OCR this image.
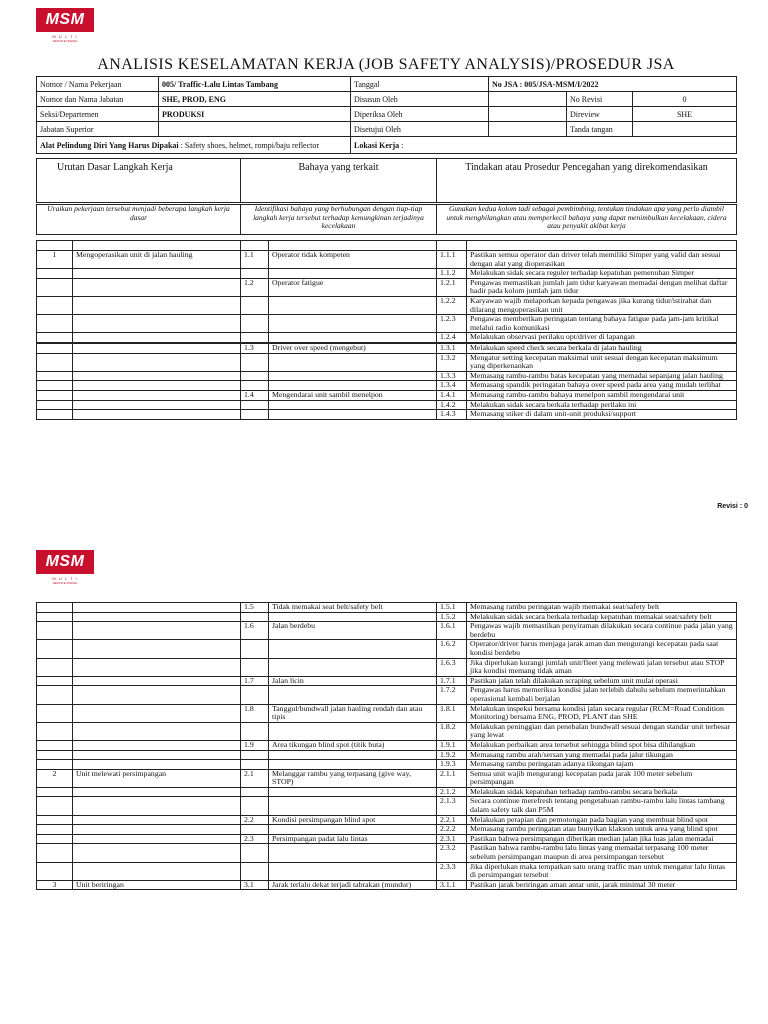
MSM
M U L T I
SERVICE MINING
ANALISIS KESELAMATAN KERJA (JOB SAFETY ANALYSIS)/PROSEDUR JSA
Nomor / Nama Pekerjaan	005/ Traffic-Lalu Lintas Tambang	Tanggal	No JSA : 005/JSA-MSM/I/2022		
Nomor dan Nama Jabatan	SHE, PROD, ENG	Disusun Oleh		No Revisi	0
Seksi/Departemen	PRODUKSI	Diperiksa Oleh		Direview	SHE
Jabatan Superior		Disetujui Oleh		Tanda tangan	
Alat Pelindung Diri Yang Harus Dipakai : Safety shoes, helmet, rompi/baju reflector		Lokasi Kerja :			
Urutan Dasar Langkah Kerja	Bahaya yang terkait	Tindakan atau Prosedur Pencegahan yang direkomendasikan
Uraikan pekerjaan tersebut menjadi beberapa langkah kerja dasar	Identifikasi bahaya yang berhubungan dengan tiap-tiap langkah kerja tersebut terhadap kemungkinan terjadinya kecelakaan	Gunakan kedua kolom tadi sebagai pembimbing, tentukan tindakan apa yang perlu diambil untuk menghilangkan atau memperkecil bahaya yang dapat menimbulkan kecelakaan, cidera atau penyakit akibat kerja

1	Mengoperasikan unit di jalan hauling	1.1	Operator tidak kompeten	1.1.1	Pastikan semua operator dan driver telah memiliki Simper yang valid dan sesuai dengan alat yang dioperasikan
				1.1.2	Melakukan sidak secara reguler terhadap kepatuhan pemenuhan Simper
		1.2	Operator fatigue	1.2.1	Pengawas memastikan jumlah jam tidur karyawan memadai dengan melihat daftar hadir pada kolom jumlah jam tidur
				1.2.2	Karyawan wajib melaporkan kepada pengawas jika kurang tidur/istirahat dan dilarang mengoperasikan unit
				1.2.3	Pengawas memberikan peringatan tentang bahaya fatigue pada jam-jam kritikal melalui radio komunikasi
				1.2.4	Melakukan observasi perilaku opt/driver di lapangan

		1.3	Driver over speed (mengebut)	1.3.1	Melakukan speed check secara berkala di jalan hauling
				1.3.2	Mengatur setting kecepatan maksimal unit sesuai dengan kecepatan maksimum yang diperkenankan
				1.3.3	Memasang rambu-rambu batas kecepatan yang memadai sepanjang jalan hauling
				1.3.4	Memasang spandik peringatan bahaya over speed pada area yang mudah terlihat
		1.4	Mengendarai unit sambil menelpon	1.4.1	Memasang rambu-rambu bahaya menelpon sambil mengendarai unit
				1.4.2	Melakukan sidak secara berkala terhadap perilaku ini
				1.4.3	Memasang stiker di dalam unit-unit produksi/support
Revisi : 0
MSM
M U L T I
SERVICE MINING
		1.5	Tidak memakai seat belt/safety belt	1.5.1	Memasang rambu peringatan wajib memakai seat/safety belt
				1.5.2	Melakukan sidak secara berkala terhadap kepatuhan memakai seat/safety belt
		1.6	Jalan berdebu	1.6.1	Pengawas wajib memastikan penyiraman dilakukan secara continue pada jalan yang berdebu
				1.6.2	Operator/driver harus menjaga jarak aman dan mengurangi kecepatan pada saat kondisi berdebu
				1.6.3	Jika diperlukan kurangi jumlah unit/fleet yang melewati jalan tersebut atau STOP jika kondisi memang tidak aman
		1.7	Jalan licin	1.7.1	Pastikan jalan telah dilakukan scraping sebelum unit mulai operasi
				1.7.2	Pengawas harus memeriksa kondisi jalan terlebih dahulu sebelum memerintahkan operasional kembali berjalan
		1.8	Tanggul/bundwall jalan hauling rendah dan atau tipis	1.8.1	Melakukan inspeksi bersama kondisi jalan secara regular (RCM=Road Condition Monitoring) bersama ENG, PROD, PLANT dan SHE
				1.8.2	Melakukan peninggian dan penebalan bundwall sesuai dengan standar unit terbesar yang lewat
		1.9	Area tikungan blind spot (titik buta)	1.9.1	Melakukan perbaikan area tersebut sehingga blind spot bisa dihilangkan
				1.9.2	Memasang rambu arah/sersan yang memadai pada jalur tikungan
				1.9.3	Memasang rambu peringatan adanya tikungan tajam
2	Unit melewati persimpangan	2.1	Melanggar rambu yang terpasang (give way, STOP)	2.1.1	Semua unit wajib mengurangi kecepatan pada jarak 100 meter sebelum persimpangan
				2.1.2	Melakukan sidak kepatuhan terhadap rambu-rambu secara berkala
				2.1.3	Secara continue merefresh tentang pengetahuan rambu-rambu lalu lintas tambang dalam safety talk dan P5M
		2.2	Kondisi persimpangan blind spot	2.2.1	Melakukan perapian dan pemotongan pada bagian yang membuat blind spot
				2.2.2	Memasang rambu peringatan atau bunyikan klakson untuk area yang blind spot
		2.3	Persimpangan padat lalu lintas	2.3.1	Pastikan bahwa persimpangan diberikan median jalan jika luas jalan memadai
				2.3.2	Pastikan bahwa rambu-rambu lalu lintas yang memadai terpasang 100 meter sebelum persimpangan maupun di area persimpangan tersebut
				2.3.3	Jika diperlukan maka tempatkan satu orang traffic man untuk mengatur lalu lintas di persimpangan tersebut
3	Unit beriringan	3.1	Jarak terlalu dekat terjadi tabrakan (mundur)	3.1.1	Pastikan jarak beriringan aman antar unit, jarak minimal 30 meter
